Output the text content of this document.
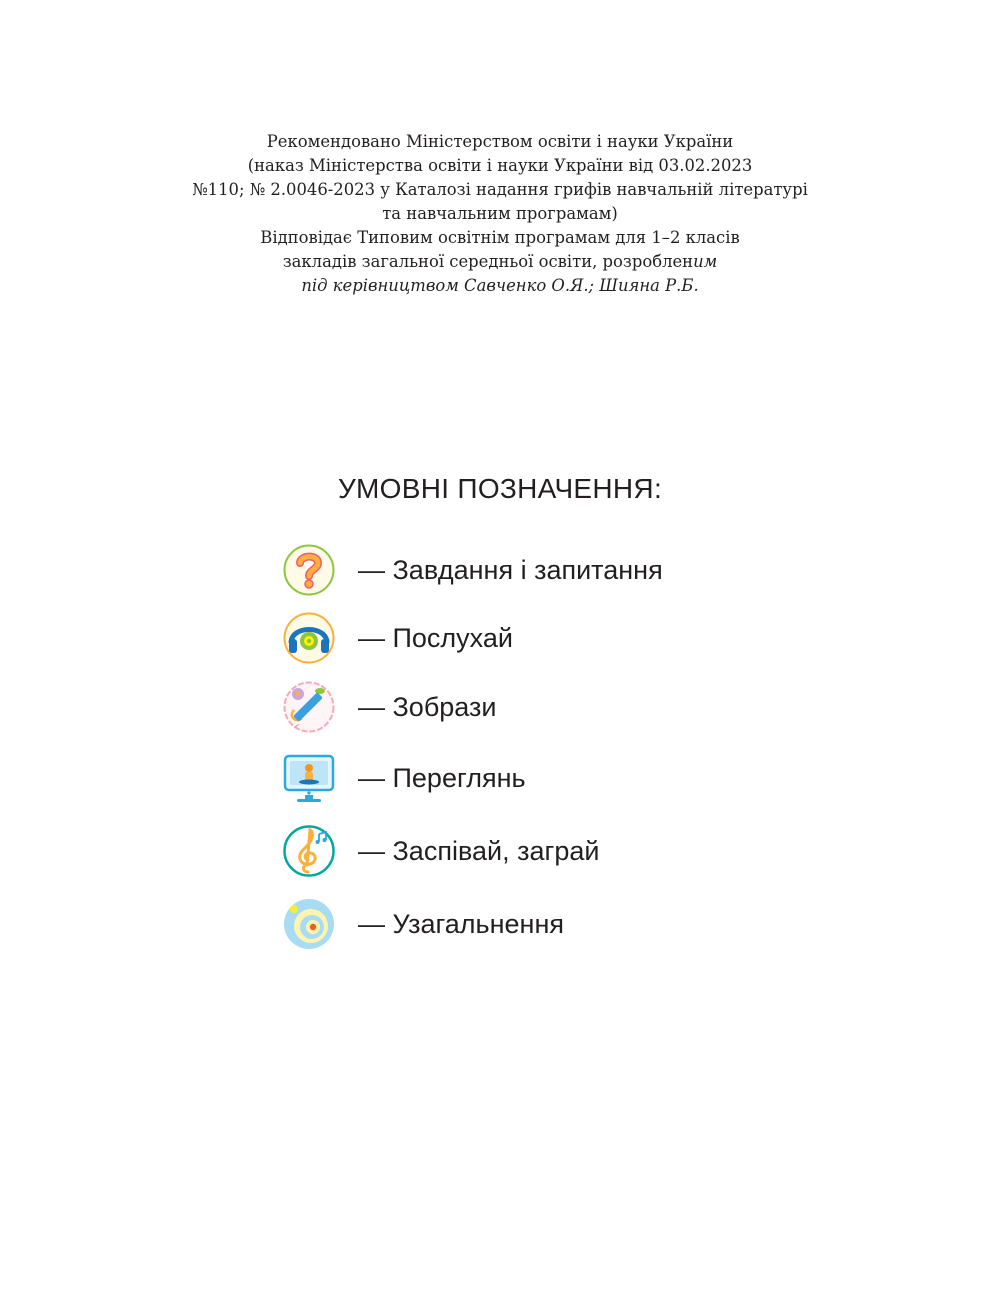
Рекомендовано Міністерством освіти і науки України
(наказ Міністерства освіти і науки України від 03.02.2023
№110; № 2.0046-2023 у Каталозі надання грифів навчальній літературі
та навчальним програмам)
Відповідає Типовим освітнім програмам для 1–2 класів
закладів загальної середньої освіти, розробленим
під керівництвом Савченко О.Я.; Шияна Р.Б.
УМОВНІ ПОЗНАЧЕННЯ:
— Завдання і запитання
— Послухай
— Зобрази
— Переглянь
— Заспівай, заграй
— Узагальнення
